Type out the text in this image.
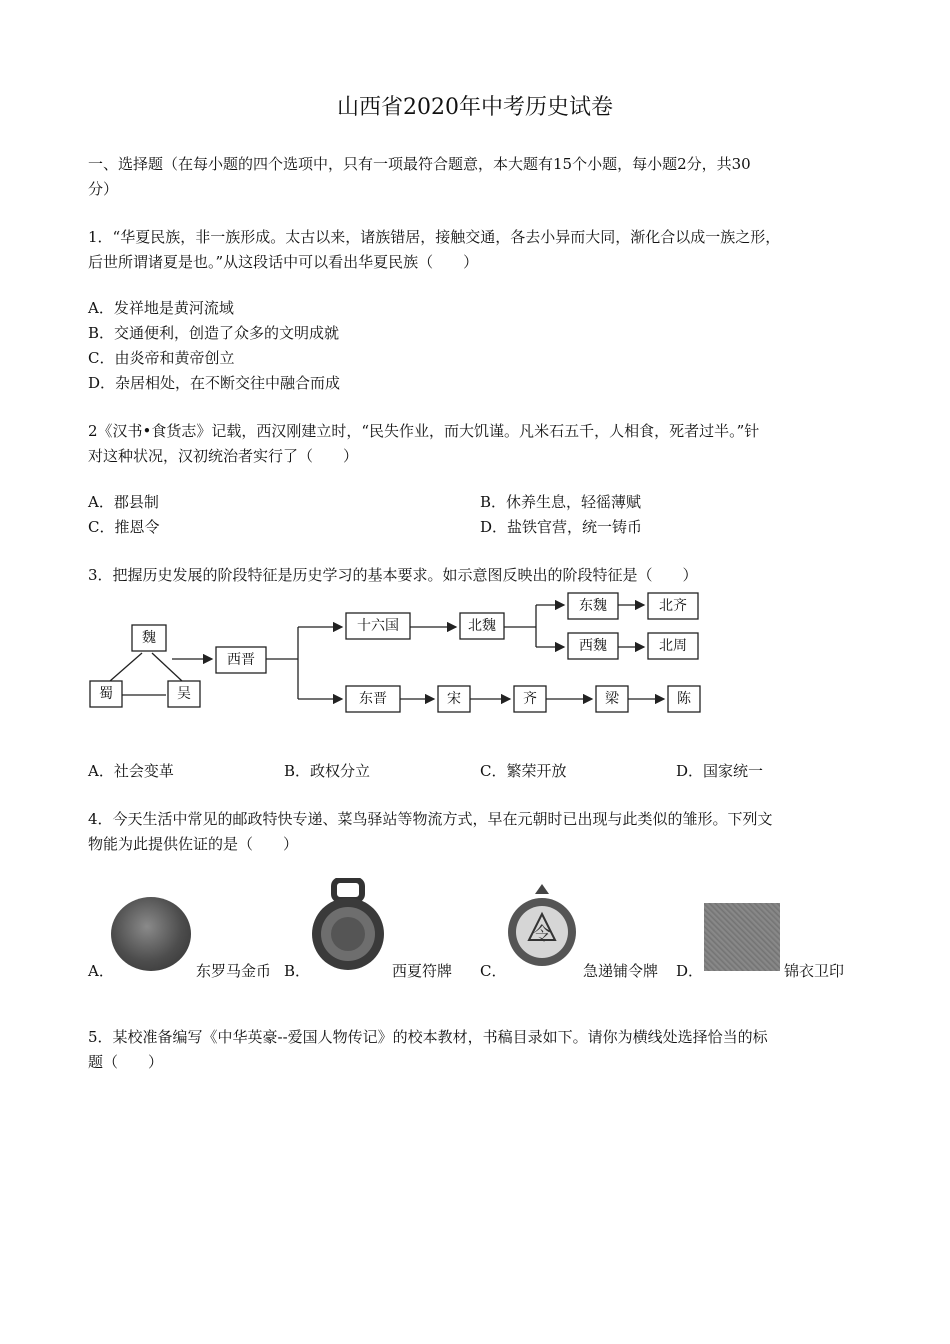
山西省2020年中考历史试卷
一、选择题（在每小题的四个选项中，只有一项最符合题意，本大题有15个小题，每小题2分，共30
分）
1．“华夏民族，非一族形成。太古以来，诸族错居，接触交通，各去小异而大同，渐化合以成一族之形，
后世所谓诸夏是也。”从这段话中可以看出华夏民族（　　）
A．发祥地是黄河流域
B．交通便利，创造了众多的文明成就
C．由炎帝和黄帝创立
D．杂居相处，在不断交往中融合而成
2《汉书•食货志》记载，西汉刚建立时，“民失作业，而大饥谨。凡米石五千，人相食，死者过半。”针
对这种状况，汉初统治者实行了（　　）
A．郡县制	B．休养生息，轻徭薄赋
C．推恩令	D．盐铁官营，统一铸币
3．把握历史发展的阶段特征是历史学习的基本要求。如示意图反映出的阶段特征是（　　）
魏
蜀	吴
西晋
十六国	北魏
东魏
西魏
北齐
北周
东晋	宋	齐	梁	陈
A．社会变革	B．政权分立	C．繁荣开放	D．国家统一
4．今天生活中常见的邮政特快专递、菜鸟驿站等物流方式，早在元朝时已出现与此类似的雏形。下列文
物能为此提供佐证的是（　　）
令
A．	东罗马金币 B．	西夏符牌 C．	急递铺令牌 D．	锦衣卫印
5．某校准备编写《中华英豪--爱国人物传记》的校本教材，书稿目录如下。请你为横线处选择恰当的标
题（　　）
